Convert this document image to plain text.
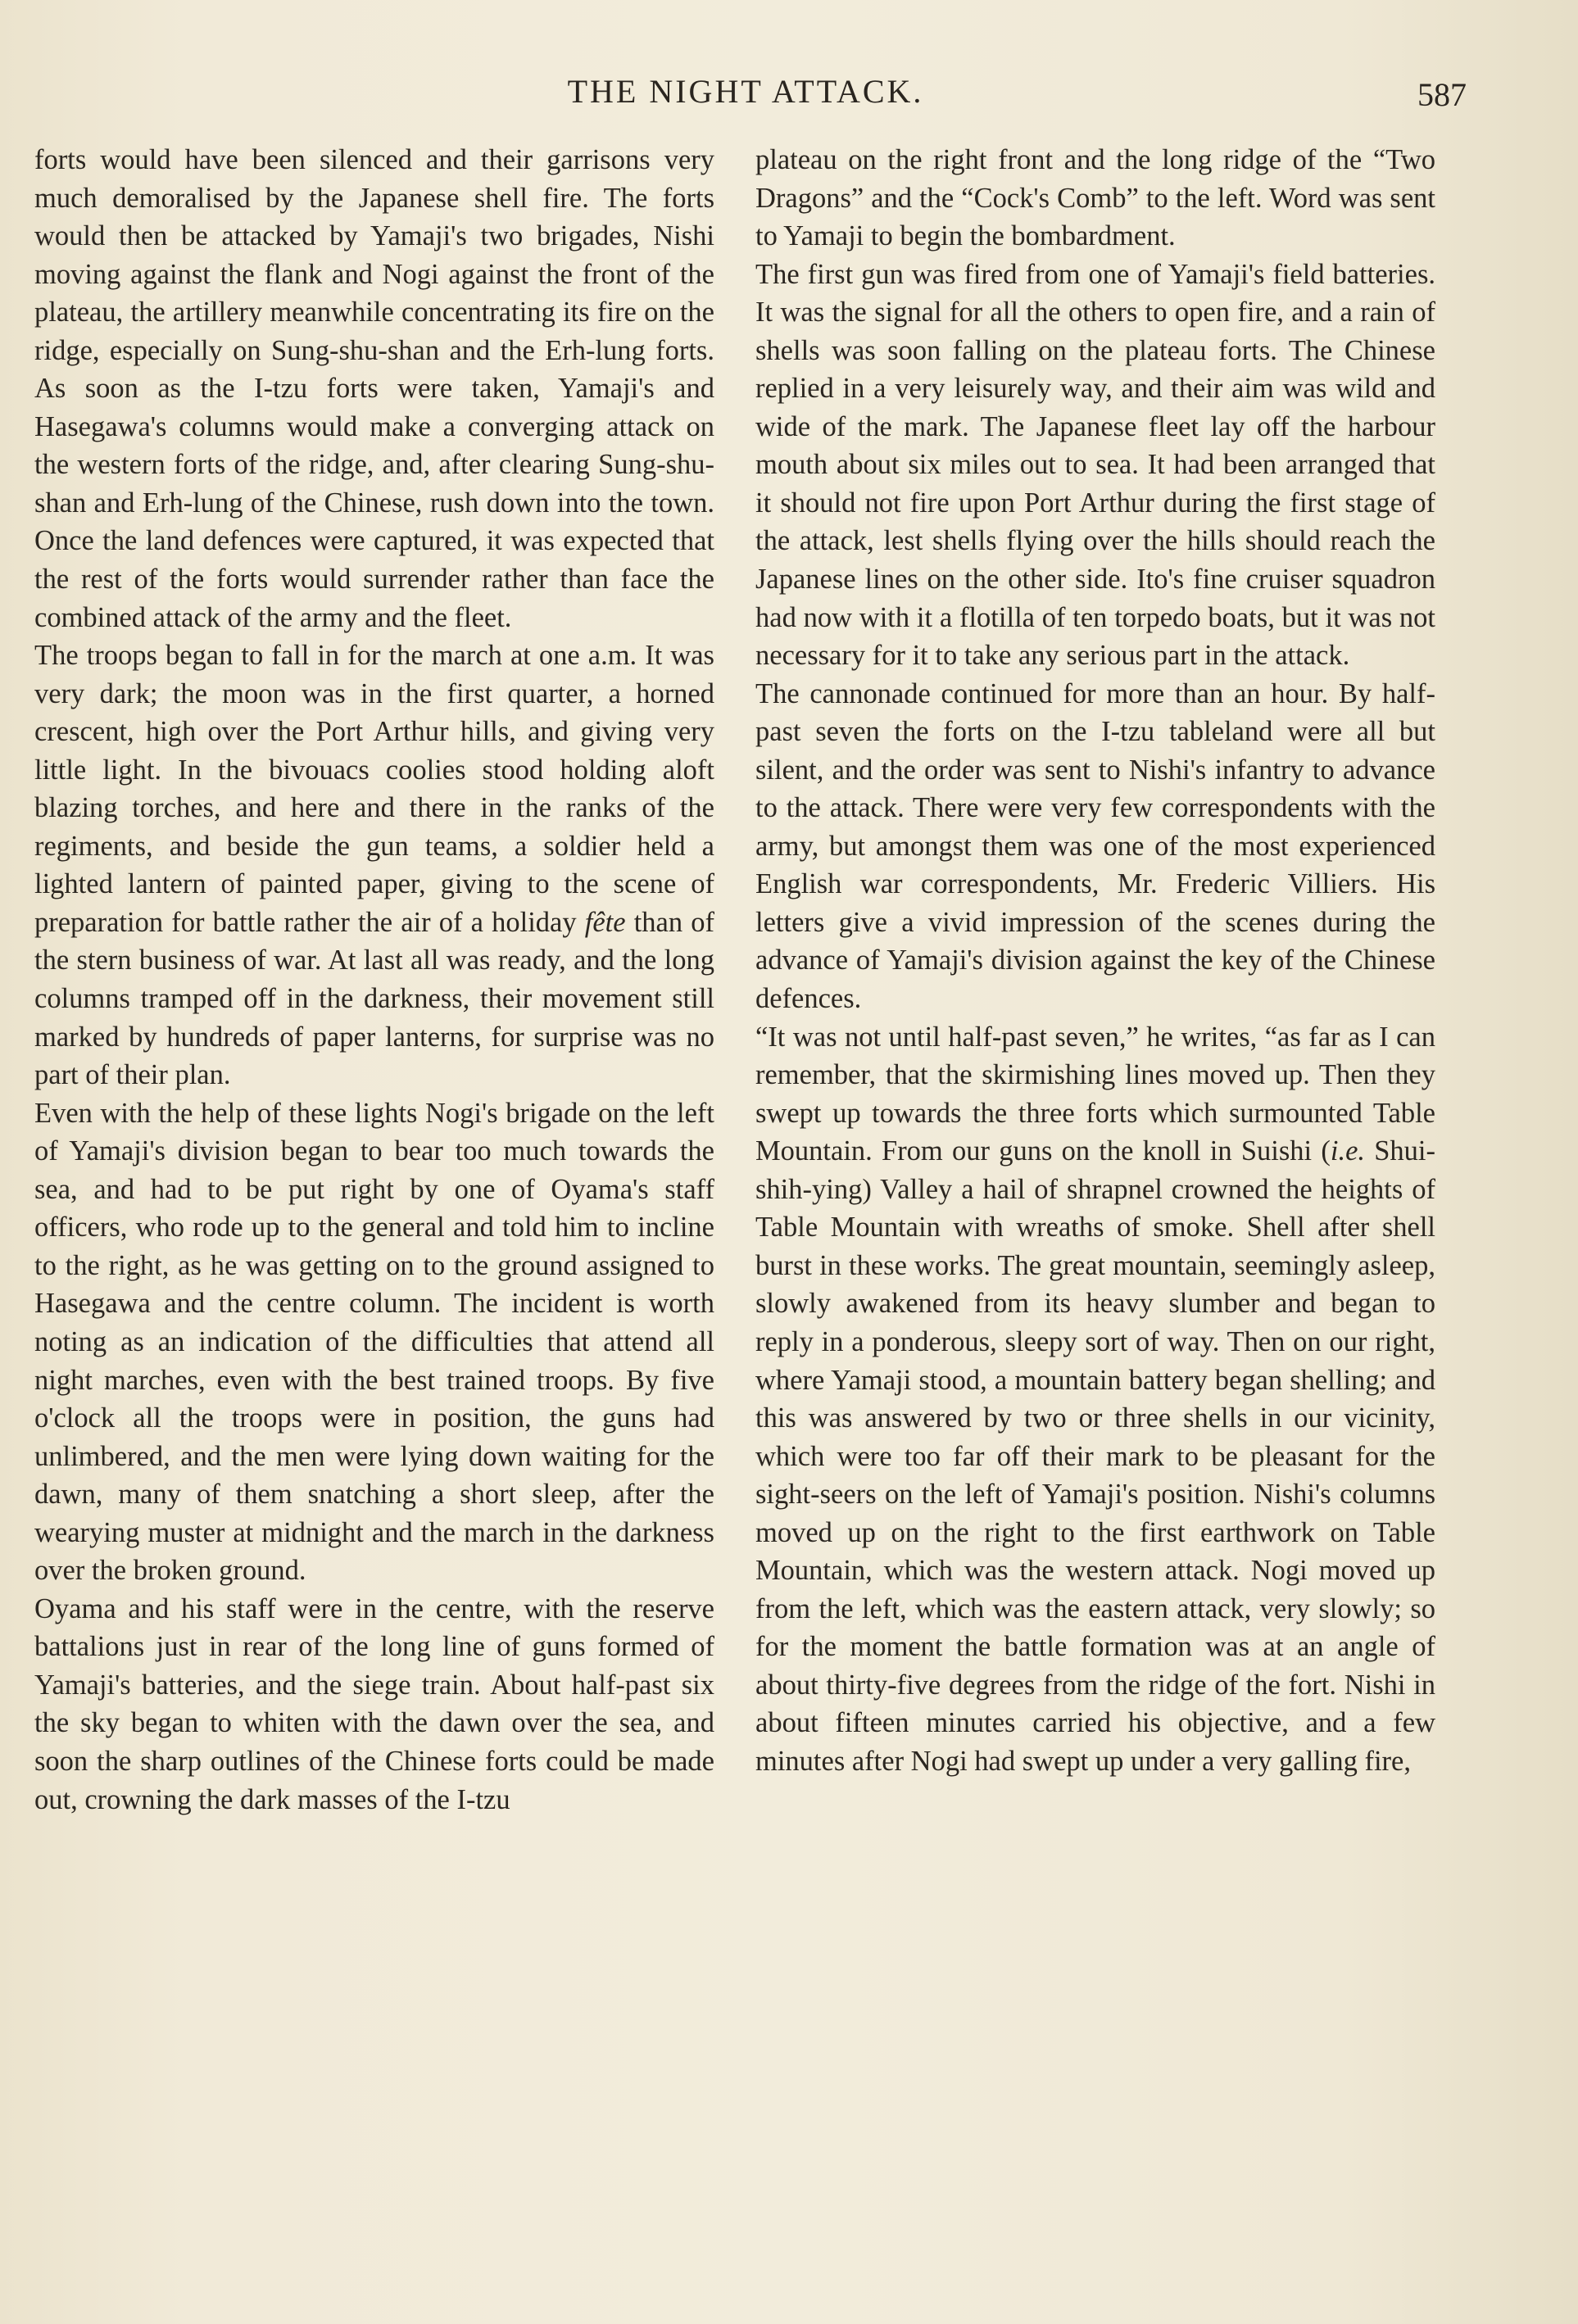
THE NIGHT ATTACK.	587

forts would have been silenced and their garrisons very much demoralised by the Japanese shell fire. The forts would then be attacked by Yamaji's two brigades, Nishi moving against the flank and Nogi against the front of the plateau, the artillery meanwhile concentrating its fire on the ridge, especially on Sung-shu-shan and the Erh-lung forts. As soon as the I-tzu forts were taken, Yamaji's and Hasegawa's columns would make a converging attack on the western forts of the ridge, and, after clearing Sung-shu-shan and Erh-lung of the Chinese, rush down into the town. Once the land defences were captured, it was expected that the rest of the forts would surrender rather than face the combined attack of the army and the fleet.

The troops began to fall in for the march at one a.m. It was very dark; the moon was in the first quarter, a horned crescent, high over the Port Arthur hills, and giving very little light. In the bivouacs coolies stood holding aloft blazing torches, and here and there in the ranks of the regiments, and beside the gun teams, a soldier held a lighted lantern of painted paper, giving to the scene of preparation for battle rather the air of a holiday fête than of the stern business of war. At last all was ready, and the long columns tramped off in the darkness, their movement still marked by hundreds of paper lanterns, for surprise was no part of their plan.

Even with the help of these lights Nogi's brigade on the left of Yamaji's division began to bear too much towards the sea, and had to be put right by one of Oyama's staff officers, who rode up to the general and told him to incline to the right, as he was getting on to the ground assigned to Hasegawa and the centre column. The incident is worth noting as an indication of the difficulties that attend all night marches, even with the best trained troops. By five o'clock all the troops were in position, the guns had unlimbered, and the men were lying down waiting for the dawn, many of them snatching a short sleep, after the wearying muster at midnight and the march in the darkness over the broken ground.

Oyama and his staff were in the centre, with the reserve battalions just in rear of the long line of guns formed of Yamaji's batteries, and the siege train. About half-past six the sky began to whiten with the dawn over the sea, and soon the sharp outlines of the Chinese forts could be made out, crowning the dark masses of the I-tzu

plateau on the right front and the long ridge of the “Two Dragons” and the “Cock's Comb” to the left. Word was sent to Yamaji to begin the bombardment.

The first gun was fired from one of Yamaji's field batteries. It was the signal for all the others to open fire, and a rain of shells was soon falling on the plateau forts. The Chinese replied in a very leisurely way, and their aim was wild and wide of the mark. The Japanese fleet lay off the harbour mouth about six miles out to sea. It had been arranged that it should not fire upon Port Arthur during the first stage of the attack, lest shells flying over the hills should reach the Japanese lines on the other side. Ito's fine cruiser squadron had now with it a flotilla of ten torpedo boats, but it was not necessary for it to take any serious part in the attack.

The cannonade continued for more than an hour. By half-past seven the forts on the I-tzu tableland were all but silent, and the order was sent to Nishi's infantry to advance to the attack. There were very few correspondents with the army, but amongst them was one of the most experienced English war correspondents, Mr. Frederic Villiers. His letters give a vivid impression of the scenes during the advance of Yamaji's division against the key of the Chinese defences.

“It was not until half-past seven,” he writes, “as far as I can remember, that the skirmishing lines moved up. Then they swept up towards the three forts which surmounted Table Mountain. From our guns on the knoll in Suishi (i.e. Shui-shih-ying) Valley a hail of shrapnel crowned the heights of Table Mountain with wreaths of smoke. Shell after shell burst in these works. The great mountain, seemingly asleep, slowly awakened from its heavy slumber and began to reply in a ponderous, sleepy sort of way. Then on our right, where Yamaji stood, a mountain battery began shelling; and this was answered by two or three shells in our vicinity, which were too far off their mark to be pleasant for the sight-seers on the left of Yamaji's position. Nishi's columns moved up on the right to the first earthwork on Table Mountain, which was the western attack. Nogi moved up from the left, which was the eastern attack, very slowly; so for the moment the battle formation was at an angle of about thirty-five degrees from the ridge of the fort. Nishi in about fifteen minutes carried his objective, and a few minutes after Nogi had swept up under a very galling fire,
